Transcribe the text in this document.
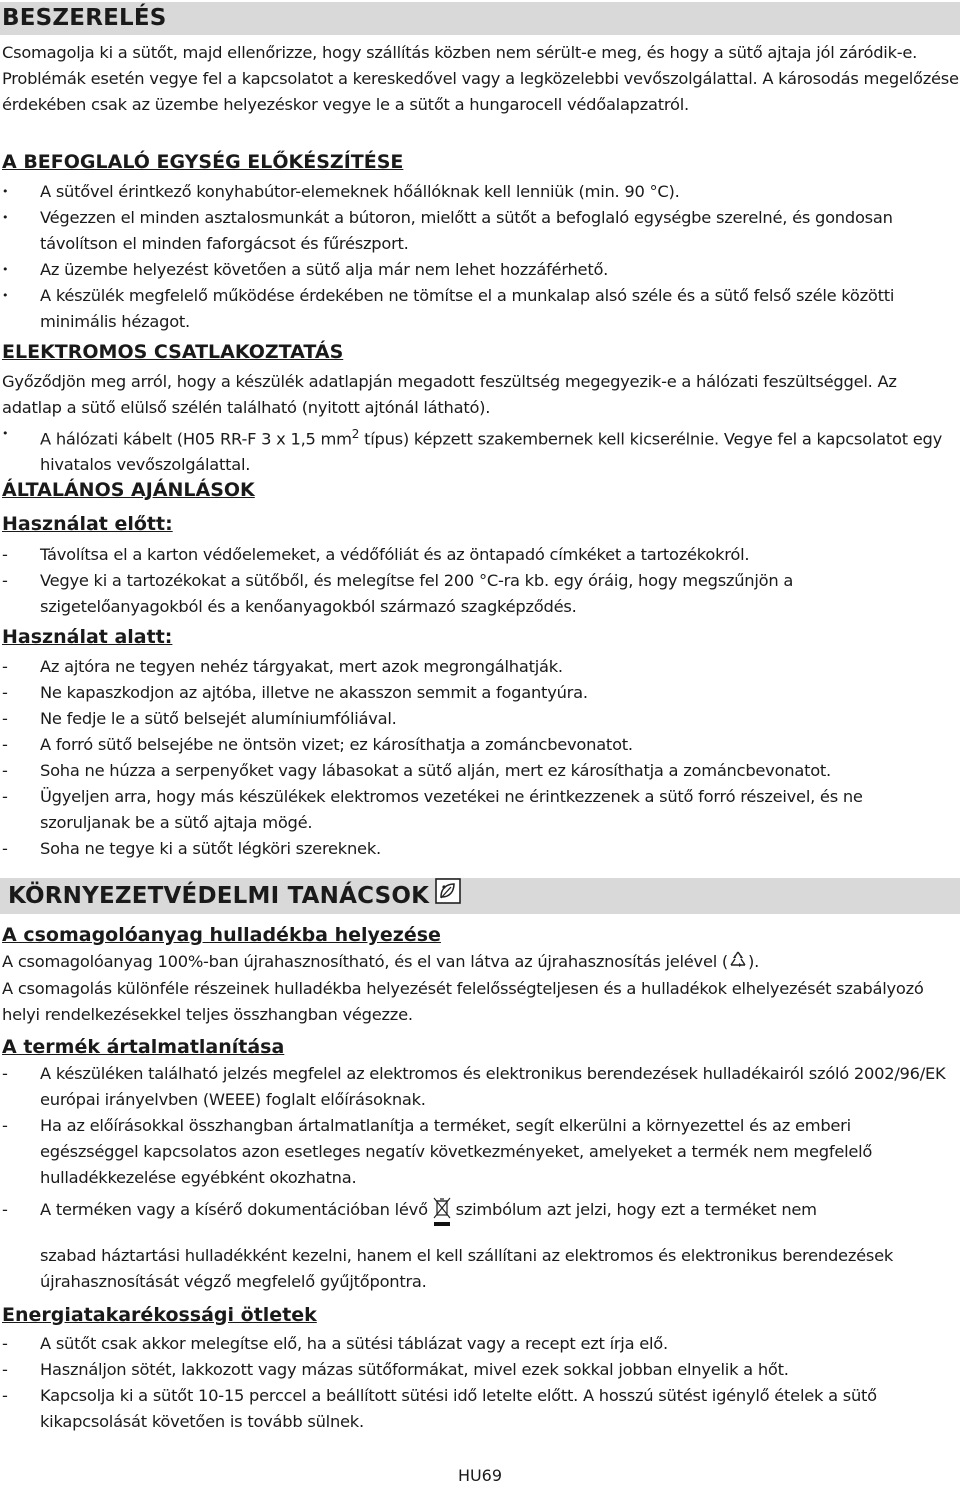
BESZERELÉS

Csomagolja ki a sütőt, majd ellenőrizze, hogy szállítás közben nem sérült-e meg, és hogy a sütő ajtaja jól záródik-e. Problémák esetén vegye fel a kapcsolatot a kereskedővel vagy a legközelebbi vevőszolgálattal. A károsodás megelőzése érdekében csak az üzembe helyezéskor vegye le a sütőt a hungarocell védőalapzatról.

A BEFOGLALÓ EGYSÉG ELŐKÉSZÍTÉSE
•	A sütővel érintkező konyhabútor-elemeknek hőállóknak kell lenniük (min. 90 °C).
•	Végezzen el minden asztalosmunkát a bútoron, mielőtt a sütőt a befoglaló egységbe szerelné, és gondosan távolítson el minden faforgácsot és fűrészport.
•	Az üzembe helyezést követően a sütő alja már nem lehet hozzáférhető.
•	A készülék megfelelő működése érdekében ne tömítse el a munkalap alsó széle és a sütő felső széle közötti minimális hézagot.
ELEKTROMOS CSATLAKOZTATÁS

Győződjön meg arról, hogy a készülék adatlapján megadott feszültség megegyezik-e a hálózati feszültséggel. Az adatlap a sütő elülső szélén található (nyitott ajtónál látható).

•	A hálózati kábelt (H05 RR-F 3 x 1,5 $mm^2$ típus) képzett szakembernek kell kicserélnie. Vegye fel a kapcsolatot egy hivatalos vevőszolgálattal.
ÁLTALÁNOS AJÁNLÁSOK
Használat előtt:
-	Távolítsa el a karton védőelemeket, a védőfóliát és az öntapadó címkéket a tartozékokról.
-	Vegye ki a tartozékokat a sütőből, és melegítse fel 200 °C-ra kb. egy óráig, hogy megszűnjön a szigetelőanyagokból és a kenőanyagokból származó szagképződés.
Használat alatt:
-	Az ajtóra ne tegyen nehéz tárgyakat, mert azok megrongálhatják.
-	Ne kapaszkodjon az ajtóba, illetve ne akasszon semmit a fogantyúra.
-	Ne fedje le a sütő belsejét alumíniumfóliával.
-	A forró sütő belsejébe ne öntsön vizet; ez károsíthatja a zománcbevonatot.
-	Soha ne húzza a serpenyőket vagy lábasokat a sütő alján, mert ez károsíthatja a zománcbevonatot.
-	Ügyeljen arra, hogy más készülékek elektromos vezetékei ne érintkezzenek a sütő forró részeivel, és ne szoruljanak be a sütő ajtaja mögé.
-	Soha ne tegye ki a sütőt légköri szereknek.
KÖRNYEZETVÉDELMI TANÁCSOK
A csomagolóanyag hulladékba helyezése

A csomagolóanyag 100%-ban újrahasznosítható, és el van látva az újrahasznosítás jelével ( ).

A csomagolás különféle részeinek hulladékba helyezését felelősségteljesen és a hulladékok elhelyezését szabályozó helyi rendelkezésekkel teljes összhangban végezze.

A termék ártalmatlanítása
-	A készüléken található jelzés megfelel az elektromos és elektronikus berendezések hulladékairól szóló 2002/96/EK európai irányelvben (WEEE) foglalt előírásoknak.
-	Ha az előírásokkal összhangban ártalmatlanítja a terméket, segít elkerülni a környezettel és az emberi egészséggel kapcsolatos azon esetleges negatív következményeket, amelyeket a termék nem megfelelő hulladékkezelése egyébként okozhatna.
-	A terméken vagy a kísérő dokumentációban lévő  szimbólum azt jelzi, hogy ezt a terméket nem
szabad háztartási hulladékként kezelni, hanem el kell szállítani az elektromos és elektronikus berendezések újrahasznosítását végző megfelelő gyűjtőpontra.
Energiatakarékossági ötletek
-	A sütőt csak akkor melegítse elő, ha a sütési táblázat vagy a recept ezt írja elő.
-	Használjon sötét, lakkozott vagy mázas sütőformákat, mivel ezek sokkal jobban elnyelik a hőt.
-	Kapcsolja ki a sütőt 10-15 perccel a beállított sütési idő letelte előtt. A hosszú sütést igénylő ételek a sütő kikapcsolását követően is tovább sülnek.
HU69
